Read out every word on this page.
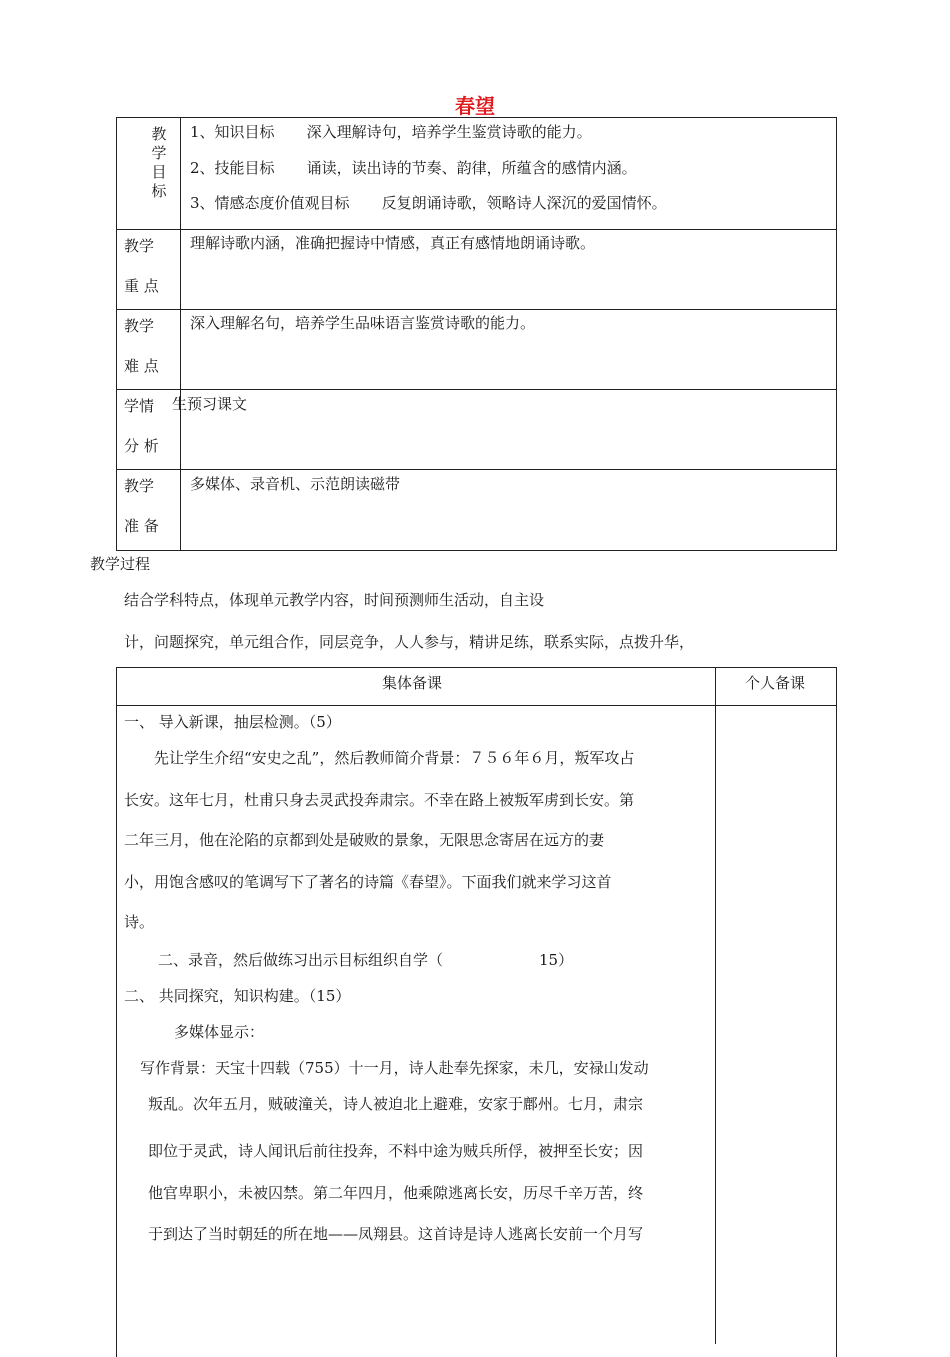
春望
教学目标
1、知识目标 深入理解诗句，培养学生鉴赏诗歌的能力。
2、技能目标 诵读，读出诗的节奏、韵律，所蕴含的感情内涵。
3、情感态度价值观目标 反复朗诵诗歌，领略诗人深沉的爱国情怀。
教学
重 点
理解诗歌内涵，准确把握诗中情感，真正有感情地朗诵诗歌。
教学
难 点
深入理解名句，培养学生品味语言鉴赏诗歌的能力。
学情
分 析
生预习课文
教学
准 备
多媒体、录音机、示范朗读磁带
教学过程
结合学科特点，体现单元教学内容，时间预测师生活动，自主设
计，问题探究，单元组合作，同层竞争，人人参与，精讲足练，联系实际，点拨升华，
集体备课	个人备课
一、 导入新课，抽层检测。（5）
先让学生介绍“安史之乱”，然后教师简介背景：７５６年６月，叛军攻占
长安。这年七月，杜甫只身去灵武投奔肃宗。不幸在路上被叛军虏到长安。第
二年三月，他在沦陷的京都到处是破败的景象，无限思念寄居在远方的妻
小，用饱含感叹的笔调写下了著名的诗篇《春望》。下面我们就来学习这首
诗。
二、录音，然后做练习出示目标组织自学（	15）
二、 共同探究，知识构建。（15）
多媒体显示：
写作背景：天宝十四载（755）十一月，诗人赴奉先探家，未几，安禄山发动
叛乱。次年五月，贼破潼关，诗人被迫北上避难，安家于鄜州。七月，肃宗
即位于灵武，诗人闻讯后前往投奔，不料中途为贼兵所俘，被押至长安；因
他官卑职小，未被囚禁。第二年四月，他乘隙逃离长安，历尽千辛万苦，终
于到达了当时朝廷的所在地——凤翔县。这首诗是诗人逃离长安前一个月写
